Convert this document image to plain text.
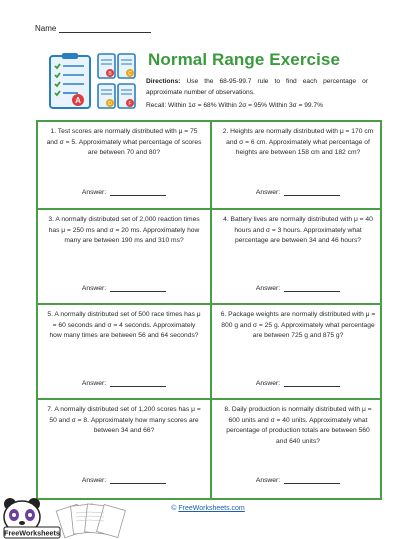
Name
A
B	C
D	F
Normal Range Exercise
Directions: Use the 68-95-99.7 rule to find each percentage or approximate number of observations.
Recall: Within 1σ = 68% Within 2σ = 95% Within 3σ = 99.7%
1. Test scores are normally distributed with μ = 75 and σ = 5. Approximately what percentage of scores are between 70 and 80?
Answer:
2. Heights are normally distributed with μ = 170 cm and σ = 6 cm. Approximately what percentage of heights are between 158 cm and 182 cm?
Answer:
3. A normally distributed set of 2,000 reaction times has μ = 250 ms and σ = 20 ms. Approximately how many are between 190 ms and 310 ms?
Answer:
4. Battery lives are normally distributed with μ = 40 hours and σ = 3 hours. Approximately what percentage are between 34 and 46 hours?
Answer:
5. A normally distributed set of 500 race times has μ = 60 seconds and σ = 4 seconds. Approximately how many times are between 56 and 64 seconds?
Answer:
6. Package weights are normally distributed with μ = 800 g and σ = 25 g. Approximately what percentage are between 725 g and 875 g?
Answer:
7. A normally distributed set of 1,200 scores has μ = 50 and σ = 8. Approximately how many scores are between 34 and 66?
Answer:
8. Daily production is normally distributed with μ = 600 units and σ = 40 units. Approximately what percentage of production totals are between 560 and 640 units?
Answer:
FreeWorksheets
© FreeWorksheets.com
